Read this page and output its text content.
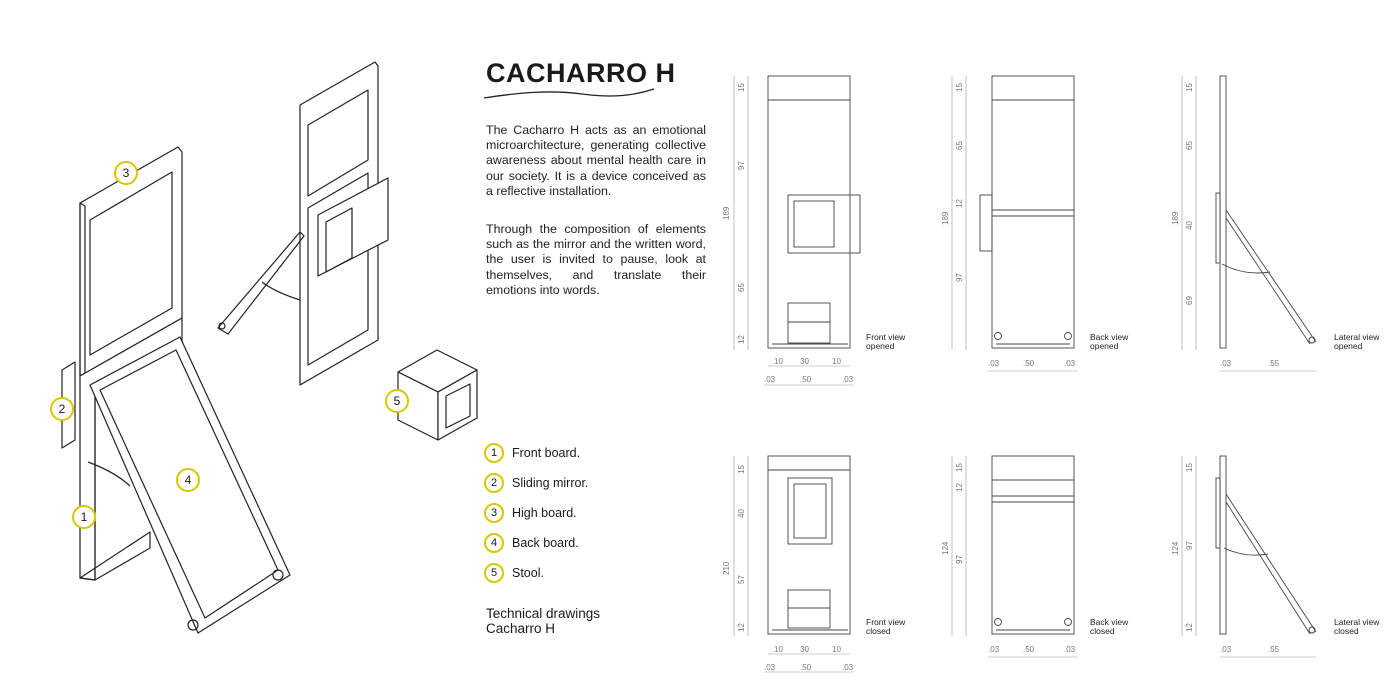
3
2
4
1
5
CACHARRO H
The Cacharro H acts as an emotional microarchitecture, generating collective awareness about mental health care in our society. It is a device conceived as a reflective installation.
Through the composition of elements such as the mirror and the written word, the user is invited to pause, look at themselves, and translate their emotions into words.
1	Front board.
2	Sliding mirror.
3	High board.
4	Back board.
5	Stool.
Technical drawings
Cacharro H
189
15
97
65
12
10 30	10
.03	.50	.03
189
15
65
12
97
.03	.50	.03
189
15
65
40
69
.03	.55
210
15
40
57
12
10 30	10
.03	.50	.03
124
15
12
97
.03	.50	.03
124
15
97
12
.03	.55
Front view
opened
Back view
opened
Lateral view
opened
Front view
closed
Back view
closed
Lateral view
closed
